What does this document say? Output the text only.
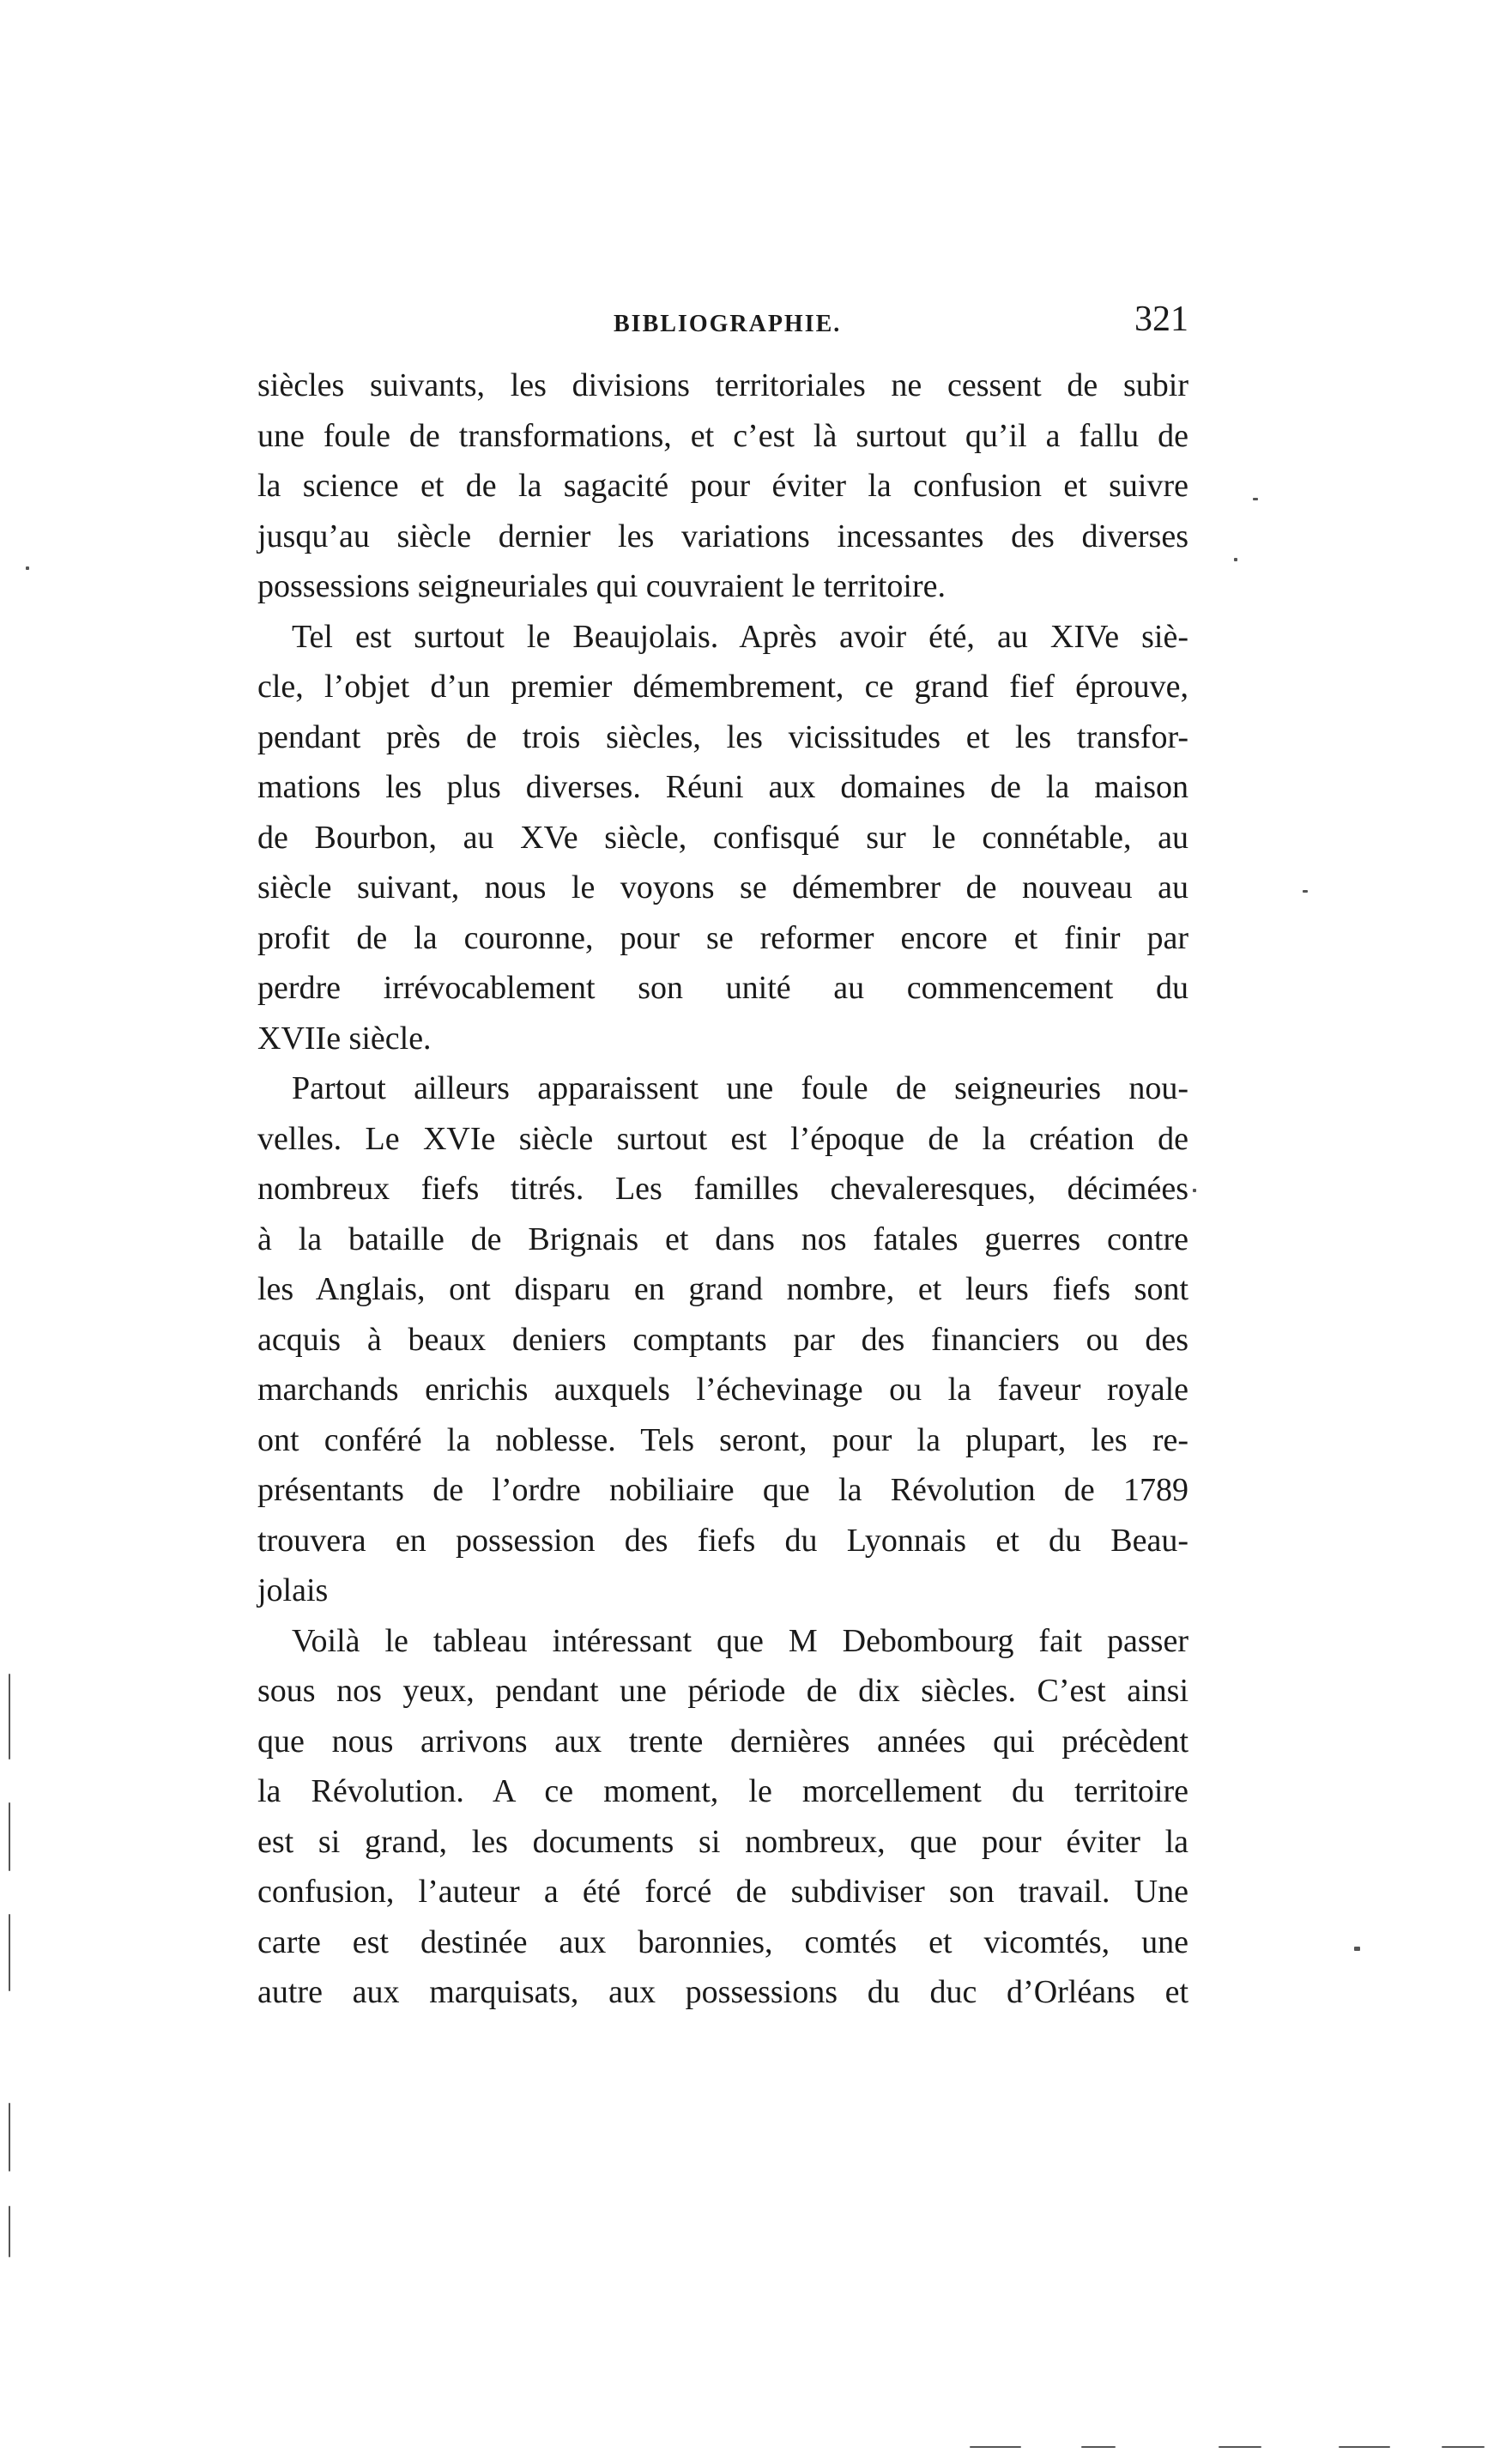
BIBLIOGRAPHIE.	321
siècles suivants, les divisions territoriales ne cessent de subir
une foule de transformations, et c’est là surtout qu’il a fallu de
la science et de la sagacité pour éviter la confusion et suivre
jusqu’au siècle dernier les variations incessantes des diverses
possessions seigneuriales qui couvraient le territoire.
Tel est surtout le Beaujolais. Après avoir été, au XIVe siè-
cle, l’objet d’un premier démembrement, ce grand fief éprouve,
pendant près de trois siècles, les vicissitudes et les transfor-
mations les plus diverses. Réuni aux domaines de la maison
de Bourbon, au XVe siècle, confisqué sur le connétable, au
siècle suivant, nous le voyons se démembrer de nouveau au
profit de la couronne, pour se reformer encore et finir par
perdre irrévocablement son unité au commencement du
XVIIe siècle.
Partout ailleurs apparaissent une foule de seigneuries nou-
velles. Le XVIe siècle surtout est l’époque de la création de
nombreux fiefs titrés. Les familles chevaleresques, décimées
à la bataille de Brignais et dans nos fatales guerres contre
les Anglais, ont disparu en grand nombre, et leurs fiefs sont
acquis à beaux deniers comptants par des financiers ou des
marchands enrichis auxquels l’échevinage ou la faveur royale
ont conféré la noblesse. Tels seront, pour la plupart, les re-
présentants de l’ordre nobiliaire que la Révolution de 1789
trouvera en possession des fiefs du Lyonnais et du Beau-
jolais
Voilà le tableau intéressant que M Debombourg fait passer
sous nos yeux, pendant une période de dix siècles. C’est ainsi
que nous arrivons aux trente dernières années qui précèdent
la Révolution. A ce moment, le morcellement du territoire
est si grand, les documents si nombreux, que pour éviter la
confusion, l’auteur a été forcé de subdiviser son travail. Une
carte est destinée aux baronnies, comtés et vicomtés, une
autre aux marquisats, aux possessions du duc d’Orléans et
